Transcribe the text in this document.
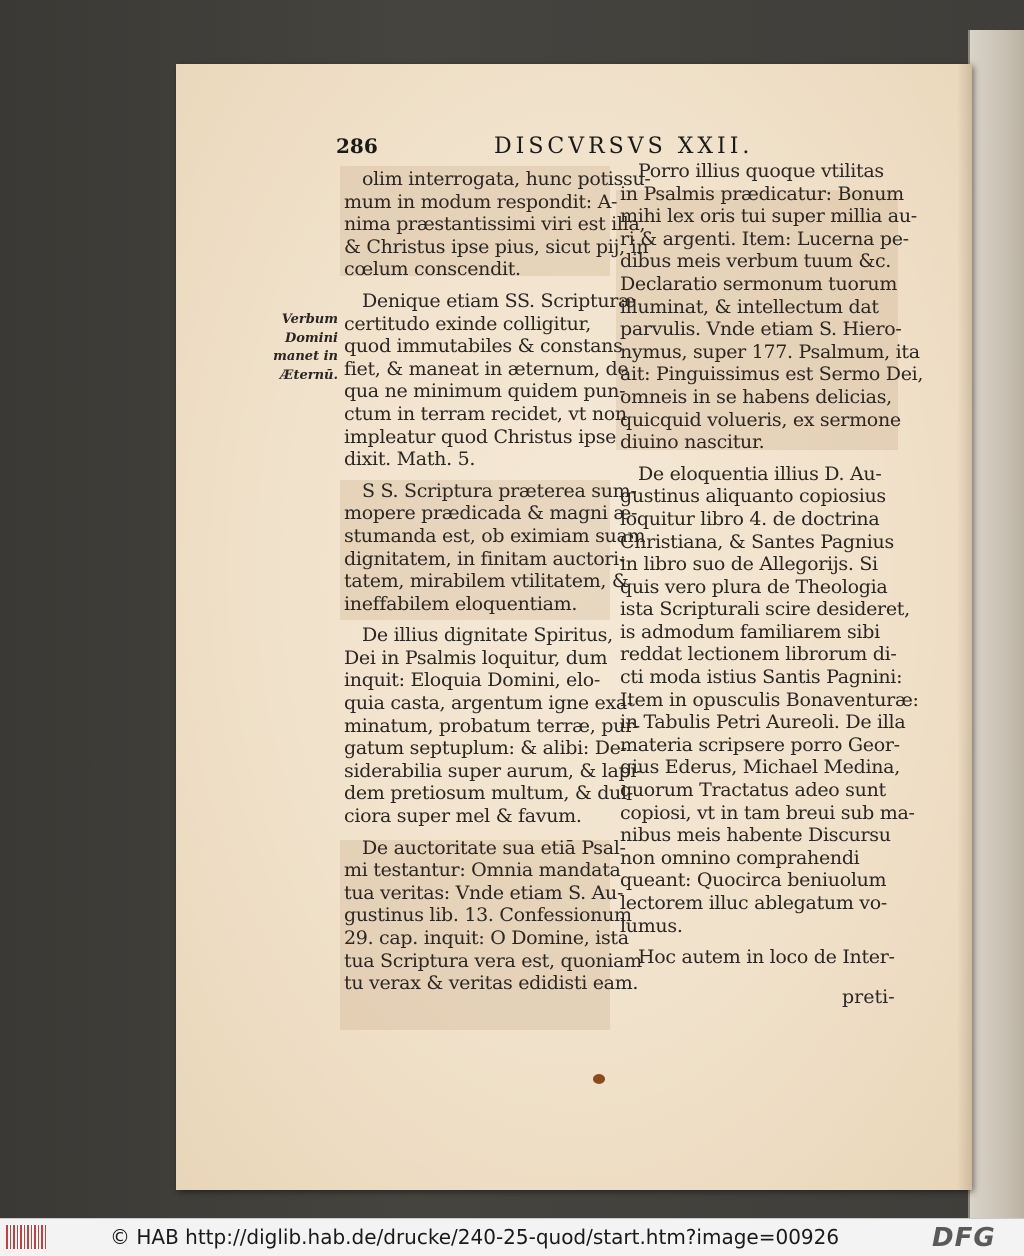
286	DISCVRSVS XXII.
Verbum
Domini
manet in
Æternū.
olim interrogata, hunc potissu-
mum in modum respondit: A-
nima præstantissimi viri est illa,
& Christus ipse pius, sicut pij, in
cœlum conscendit.
Denique etiam SS. Scripturæ
certitudo exinde colligitur,
quod immutabiles & constans
fiet, & maneat in æternum, de
qua ne minimum quidem pun-
ctum in terram recidet, vt non
impleatur quod Christus ipse
dixit. Math. 5.
S S. Scriptura præterea sum-
mopere prædicada & magni æ-
stumanda est, ob eximiam suam
dignitatem, in finitam auctori-
tatem, mirabilem vtilitatem, &
ineffabilem eloquentiam.
De illius dignitate Spiritus,
Dei in Psalmis loquitur, dum
inquit: Eloquia Domini, elo-
quia casta, argentum igne exa-
minatum, probatum terræ, pur-
gatum septuplum: & alibi: De-
siderabilia super aurum, & lapi-
dem pretiosum multum, & dul-
ciora super mel & favum.
De auctoritate sua etiā Psal-
mi testantur: Omnia mandata
tua veritas: Vnde etiam S. Au-
gustinus lib. 13. Confessionum
29. cap. inquit: O Domine, ista
tua Scriptura vera est, quoniam
tu verax & veritas edidisti eam.
Porro illius quoque vtilitas
in Psalmis prædicatur: Bonum
mihi lex oris tui super millia au-
ri & argenti. Item: Lucerna pe-
dibus meis verbum tuum &c.
Declaratio sermonum tuorum
illuminat, & intellectum dat
parvulis. Vnde etiam S. Hiero-
nymus, super 177. Psalmum, ita
ait: Pinguissimus est Sermo Dei,
omneis in se habens delicias,
quicquid volueris, ex sermone
diuino nascitur.
De eloquentia illius D. Au-
gustinus aliquanto copiosius
loquitur libro 4. de doctrina
Christiana, & Santes Pagnius
in libro suo de Allegorijs. Si
quis vero plura de Theologia
ista Scripturali scire desideret,
is admodum familiarem sibi
reddat lectionem librorum di-
cti moda istius Santis Pagnini:
Item in opusculis Bonaventuræ:
in Tabulis Petri Aureoli. De illa
materia scripsere porro Geor-
gius Ederus, Michael Medina,
quorum Tractatus adeo sunt
copiosi, vt in tam breui sub ma-
nibus meis habente Discursu
non omnino comprahendi
queant: Quocirca beniuolum
lectorem illuc ablegatum vo-
lumus.
Hoc autem in loco de Inter-
preti-
© HAB http://diglib.hab.de/drucke/240-25-quod/start.htm?image=00926	DFG
